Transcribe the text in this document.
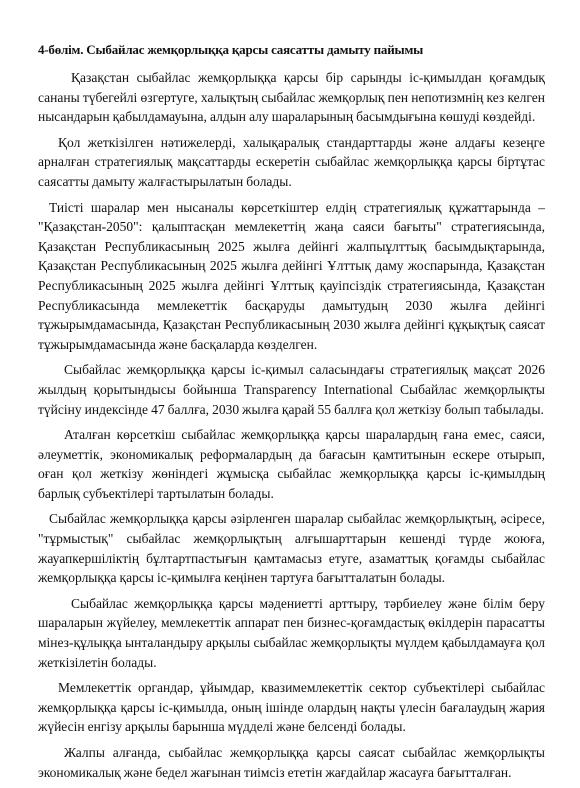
4-бөлім. Сыбайлас жемқорлыққа қарсы саясатты дамыту пайымы

Қазақстан сыбайлас жемқорлыққа қарсы бір сарынды іс-қимылдан қоғамдық сананы түбегейлі өзгертуге, халықтың сыбайлас жемқорлық пен непотизмнің кез келген нысандарын қабылдамауына, алдын алу шараларының басымдығына көшуді көздейді.

Қол жеткізілген нәтижелерді, халықаралық стандарттарды және алдағы кезеңге арналған стратегиялық мақсаттарды ескеретін сыбайлас жемқорлыққа қарсы біртұтас саясатты дамыту жалғастырылатын болады.

Тиісті шаралар мен нысаналы көрсеткіштер елдің стратегиялық құжаттарында – "Қазақстан-2050": қалыптасқан мемлекеттің жаңа саяси бағыты" стратегиясында, Қазақстан Республикасының 2025 жылға дейінгі жалпыұлттық басымдықтарында, Қазақстан Республикасының 2025 жылға дейінгі Ұлттық даму жоспарында, Қазақстан Республикасының 2025 жылға дейінгі Ұлттық қауіпсіздік стратегиясында, Қазақстан Республикасында мемлекеттік басқаруды дамытудың 2030 жылға дейінгі тұжырымдамасында, Қазақстан Республикасының 2030 жылға дейінгі құқықтық саясат тұжырымдамасында және басқаларда көзделген.

Сыбайлас жемқорлыққа қарсы іс-қимыл саласындағы стратегиялық мақсат 2026 жылдың қорытындысы бойынша Transparency International Сыбайлас жемқорлықты түйсіну индексінде 47 баллға, 2030 жылға қарай 55 баллға қол жеткізу болып табылады.

Аталған көрсеткіш сыбайлас жемқорлыққа қарсы шаралардың ғана емес, саяси, әлеуметтік, экономикалық реформалардың да бағасын қамтитынын ескере отырып, оған қол жеткізу жөніндегі жұмысқа сыбайлас жемқорлыққа қарсы іс-қимылдың барлық субъектілері тартылатын болады.

Сыбайлас жемқорлыққа қарсы әзірленген шаралар сыбайлас жемқорлықтың, әсіресе, "тұрмыстық" сыбайлас жемқорлықтың алғышарттарын кешенді түрде жоюға, жауапкершіліктің бұлтартпастығын қамтамасыз етуге, азаматтық қоғамды сыбайлас жемқорлыққа қарсы іс-қимылға кеңінен тартуға бағытталатын болады.

Сыбайлас жемқорлыққа қарсы мәдениетті арттыру, тәрбиелеу және білім беру шараларын жүйелеу, мемлекеттік аппарат пен бизнес-қоғамдастық өкілдерін парасатты мінез-құлыққа ынталандыру арқылы сыбайлас жемқорлықты мүлдем қабылдамауға қол жеткізілетін болады.

Мемлекеттік органдар, ұйымдар, квазимемлекеттік сектор субъектілері сыбайлас жемқорлыққа қарсы іс-қимылда, оның ішінде олардың нақты үлесін бағалаудың жария жүйесін енгізу арқылы барынша мүдделі және белсенді болады.

Жалпы алғанда, сыбайлас жемқорлыққа қарсы саясат сыбайлас жемқорлықты экономикалық және бедел жағынан тиімсіз ететін жағдайлар жасауға бағытталған.
